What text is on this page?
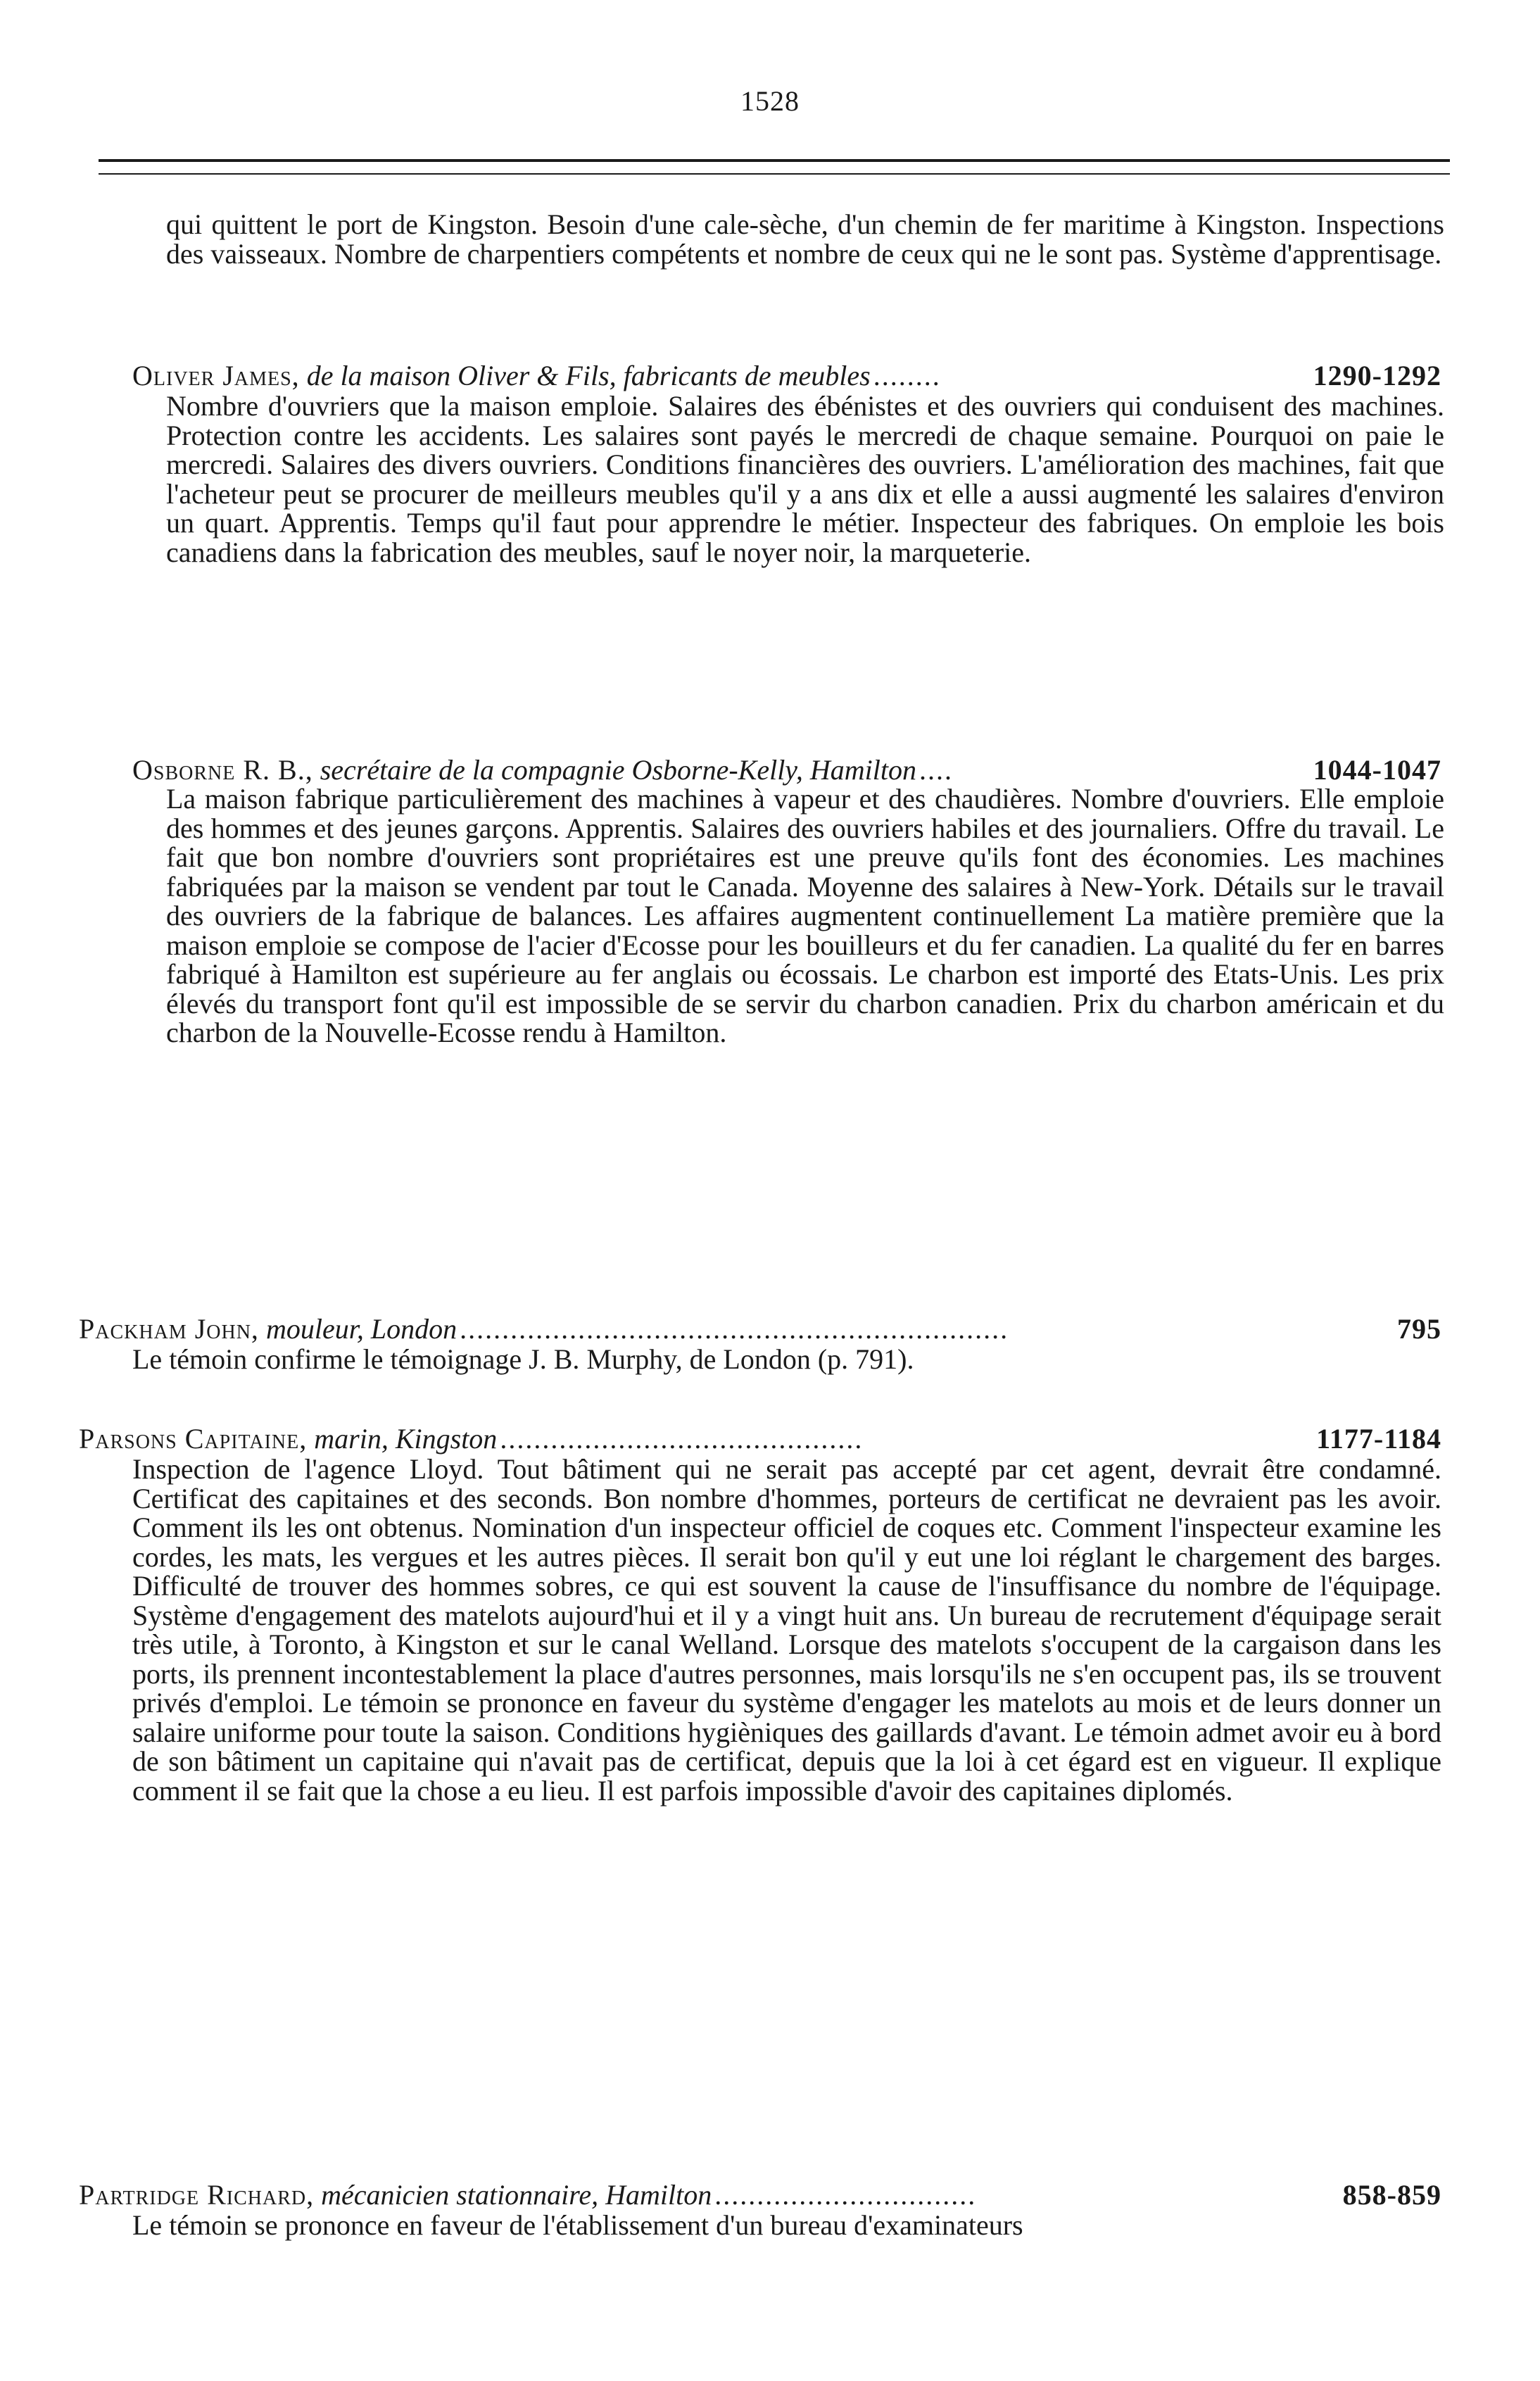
1528
qui quittent le port de Kingston. Besoin d'une cale-sèche, d'un chemin de fer maritime à Kingston. Inspections des vaisseaux. Nombre de charpentiers compétents et nombre de ceux qui ne le sont pas. Système d'apprentisage.
Oliver James, de la maison Oliver & Fils, fabricants de meubles ........	1290-1292
Nombre d'ouvriers que la maison emploie. Salaires des ébénistes et des ouvriers qui conduisent des machines. Protection contre les accidents. Les salaires sont payés le mercredi de chaque semaine. Pourquoi on paie le mercredi. Salaires des divers ouvriers. Conditions financières des ouvriers. L'amélioration des machines, fait que l'acheteur peut se procurer de meilleurs meubles qu'il y a ans dix et elle a aussi augmenté les salaires d'environ un quart. Apprentis. Temps qu'il faut pour apprendre le métier. Inspecteur des fabriques. On emploie les bois canadiens dans la fabrication des meubles, sauf le noyer noir, la marqueterie.
Osborne R. B., secrétaire de la compagnie Osborne-Kelly, Hamilton ....	1044-1047
La maison fabrique particulièrement des machines à vapeur et des chaudières. Nombre d'ouvriers. Elle emploie des hommes et des jeunes garçons. Apprentis. Salaires des ouvriers habiles et des journaliers. Offre du travail. Le fait que bon nombre d'ouvriers sont propriétaires est une preuve qu'ils font des économies. Les machines fabriquées par la maison se vendent par tout le Canada. Moyenne des salaires à New-York. Détails sur le travail des ouvriers de la fabrique de balances. Les affaires augmentent continuellement La matière première que la maison emploie se compose de l'acier d'Ecosse pour les bouilleurs et du fer canadien. La qualité du fer en barres fabriqué à Hamilton est supérieure au fer anglais ou écossais. Le charbon est importé des Etats-Unis. Les prix élevés du transport font qu'il est impossible de se servir du charbon canadien. Prix du charbon américain et du charbon de la Nouvelle-Ecosse rendu à Hamilton.
Packham John, mouleur, London .................................................................	795
Le témoin confirme le témoignage J. B. Murphy, de London (p. 791).
Parsons Capitaine, marin, Kingston ...........................................	1177-1184
Inspection de l'agence Lloyd. Tout bâtiment qui ne serait pas accepté par cet agent, devrait être condamné. Certificat des capitaines et des seconds. Bon nombre d'hommes, porteurs de certificat ne devraient pas les avoir. Comment ils les ont obtenus. Nomination d'un inspecteur officiel de coques etc. Comment l'inspecteur examine les cordes, les mats, les vergues et les autres pièces. Il serait bon qu'il y eut une loi réglant le chargement des barges. Difficulté de trouver des hommes sobres, ce qui est souvent la cause de l'insuffisance du nombre de l'équipage. Système d'engagement des matelots aujourd'hui et il y a vingt huit ans. Un bureau de recrutement d'équipage serait très utile, à Toronto, à Kingston et sur le canal Welland. Lorsque des matelots s'occupent de la cargaison dans les ports, ils prennent incontestablement la place d'autres personnes, mais lorsqu'ils ne s'en occupent pas, ils se trouvent privés d'emploi. Le témoin se prononce en faveur du système d'engager les matelots au mois et de leurs donner un salaire uniforme pour toute la saison. Conditions hygièniques des gaillards d'avant. Le témoin admet avoir eu à bord de son bâtiment un capitaine qui n'avait pas de certificat, depuis que la loi à cet égard est en vigueur. Il explique comment il se fait que la chose a eu lieu. Il est parfois impossible d'avoir des capitaines diplomés.
Partridge Richard, mécanicien stationnaire, Hamilton ...............................	858-859
Le témoin se prononce en faveur de l'établissement d'un bureau d'examinateurs
